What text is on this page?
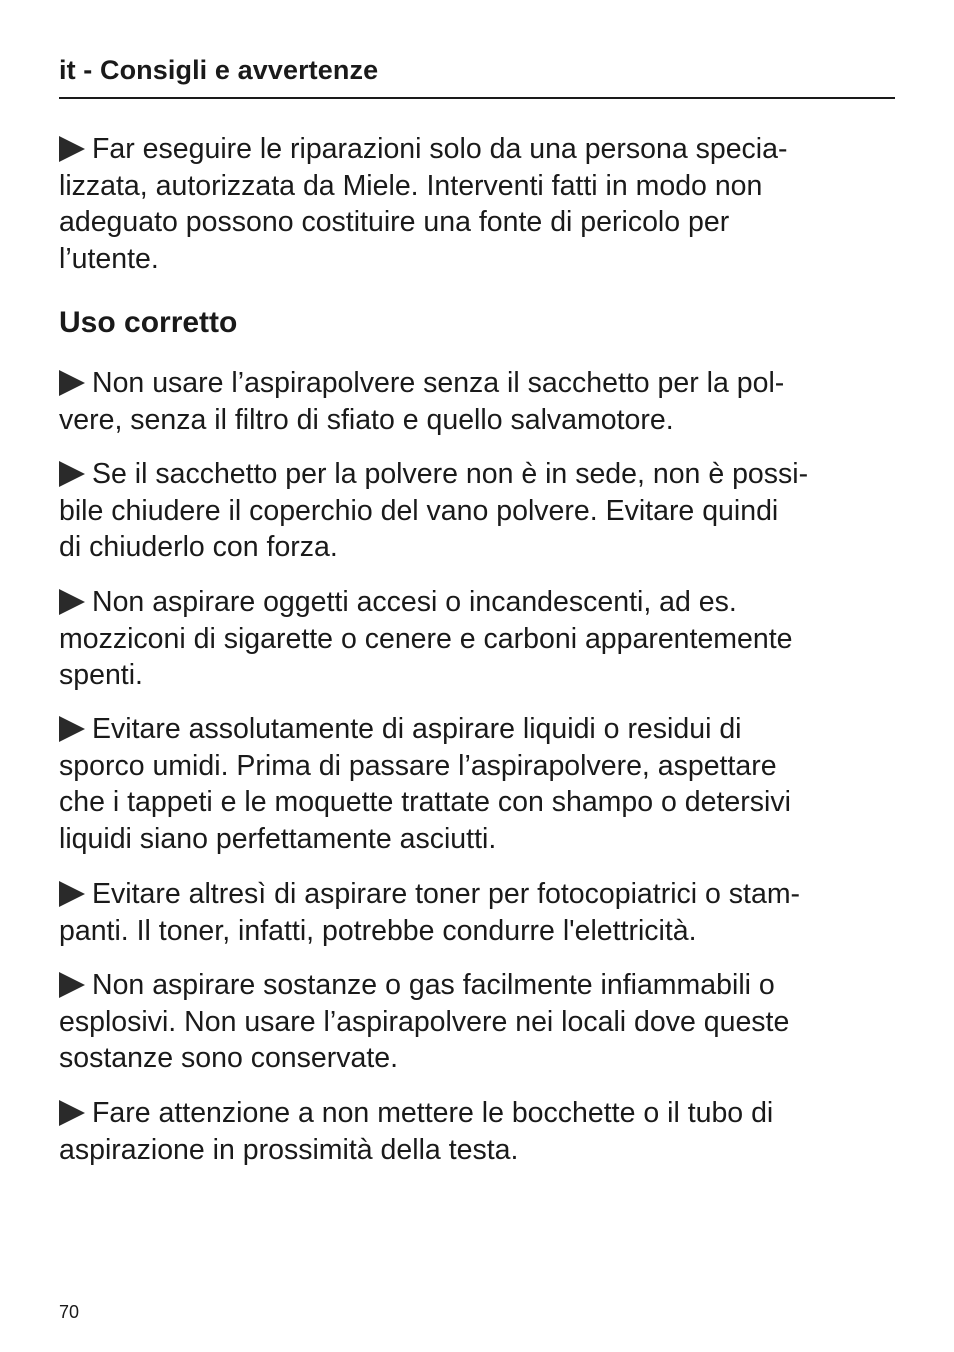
it - Consigli e avvertenze

Far eseguire le riparazioni solo da una persona specia-
lizzata, autorizzata da Miele. Interventi fatti in modo non
adeguato possono costituire una fonte di pericolo per
l’utente.

Uso corretto

Non usare l’aspirapolvere senza il sacchetto per la pol-
vere, senza il filtro di sfiato e quello salvamotore.

Se il sacchetto per la polvere non è in sede, non è possi-
bile chiudere il coperchio del vano polvere. Evitare quindi
di chiuderlo con forza.

Non aspirare oggetti accesi o incandescenti, ad es.
mozziconi di sigarette o cenere e carboni apparentemente
spenti.

Evitare assolutamente di aspirare liquidi o residui di
sporco umidi. Prima di passare l’aspirapolvere, aspettare
che i tappeti e le moquette trattate con shampo o detersivi
liquidi siano perfettamente asciutti.

Evitare altresì di aspirare toner per fotocopiatrici o stam-
panti. Il toner, infatti, potrebbe condurre l'elettricità.

Non aspirare sostanze o gas facilmente infiammabili o
esplosivi. Non usare l’aspirapolvere nei locali dove queste
sostanze sono conservate.

Fare attenzione a non mettere le bocchette o il tubo di
aspirazione in prossimità della testa.

70
